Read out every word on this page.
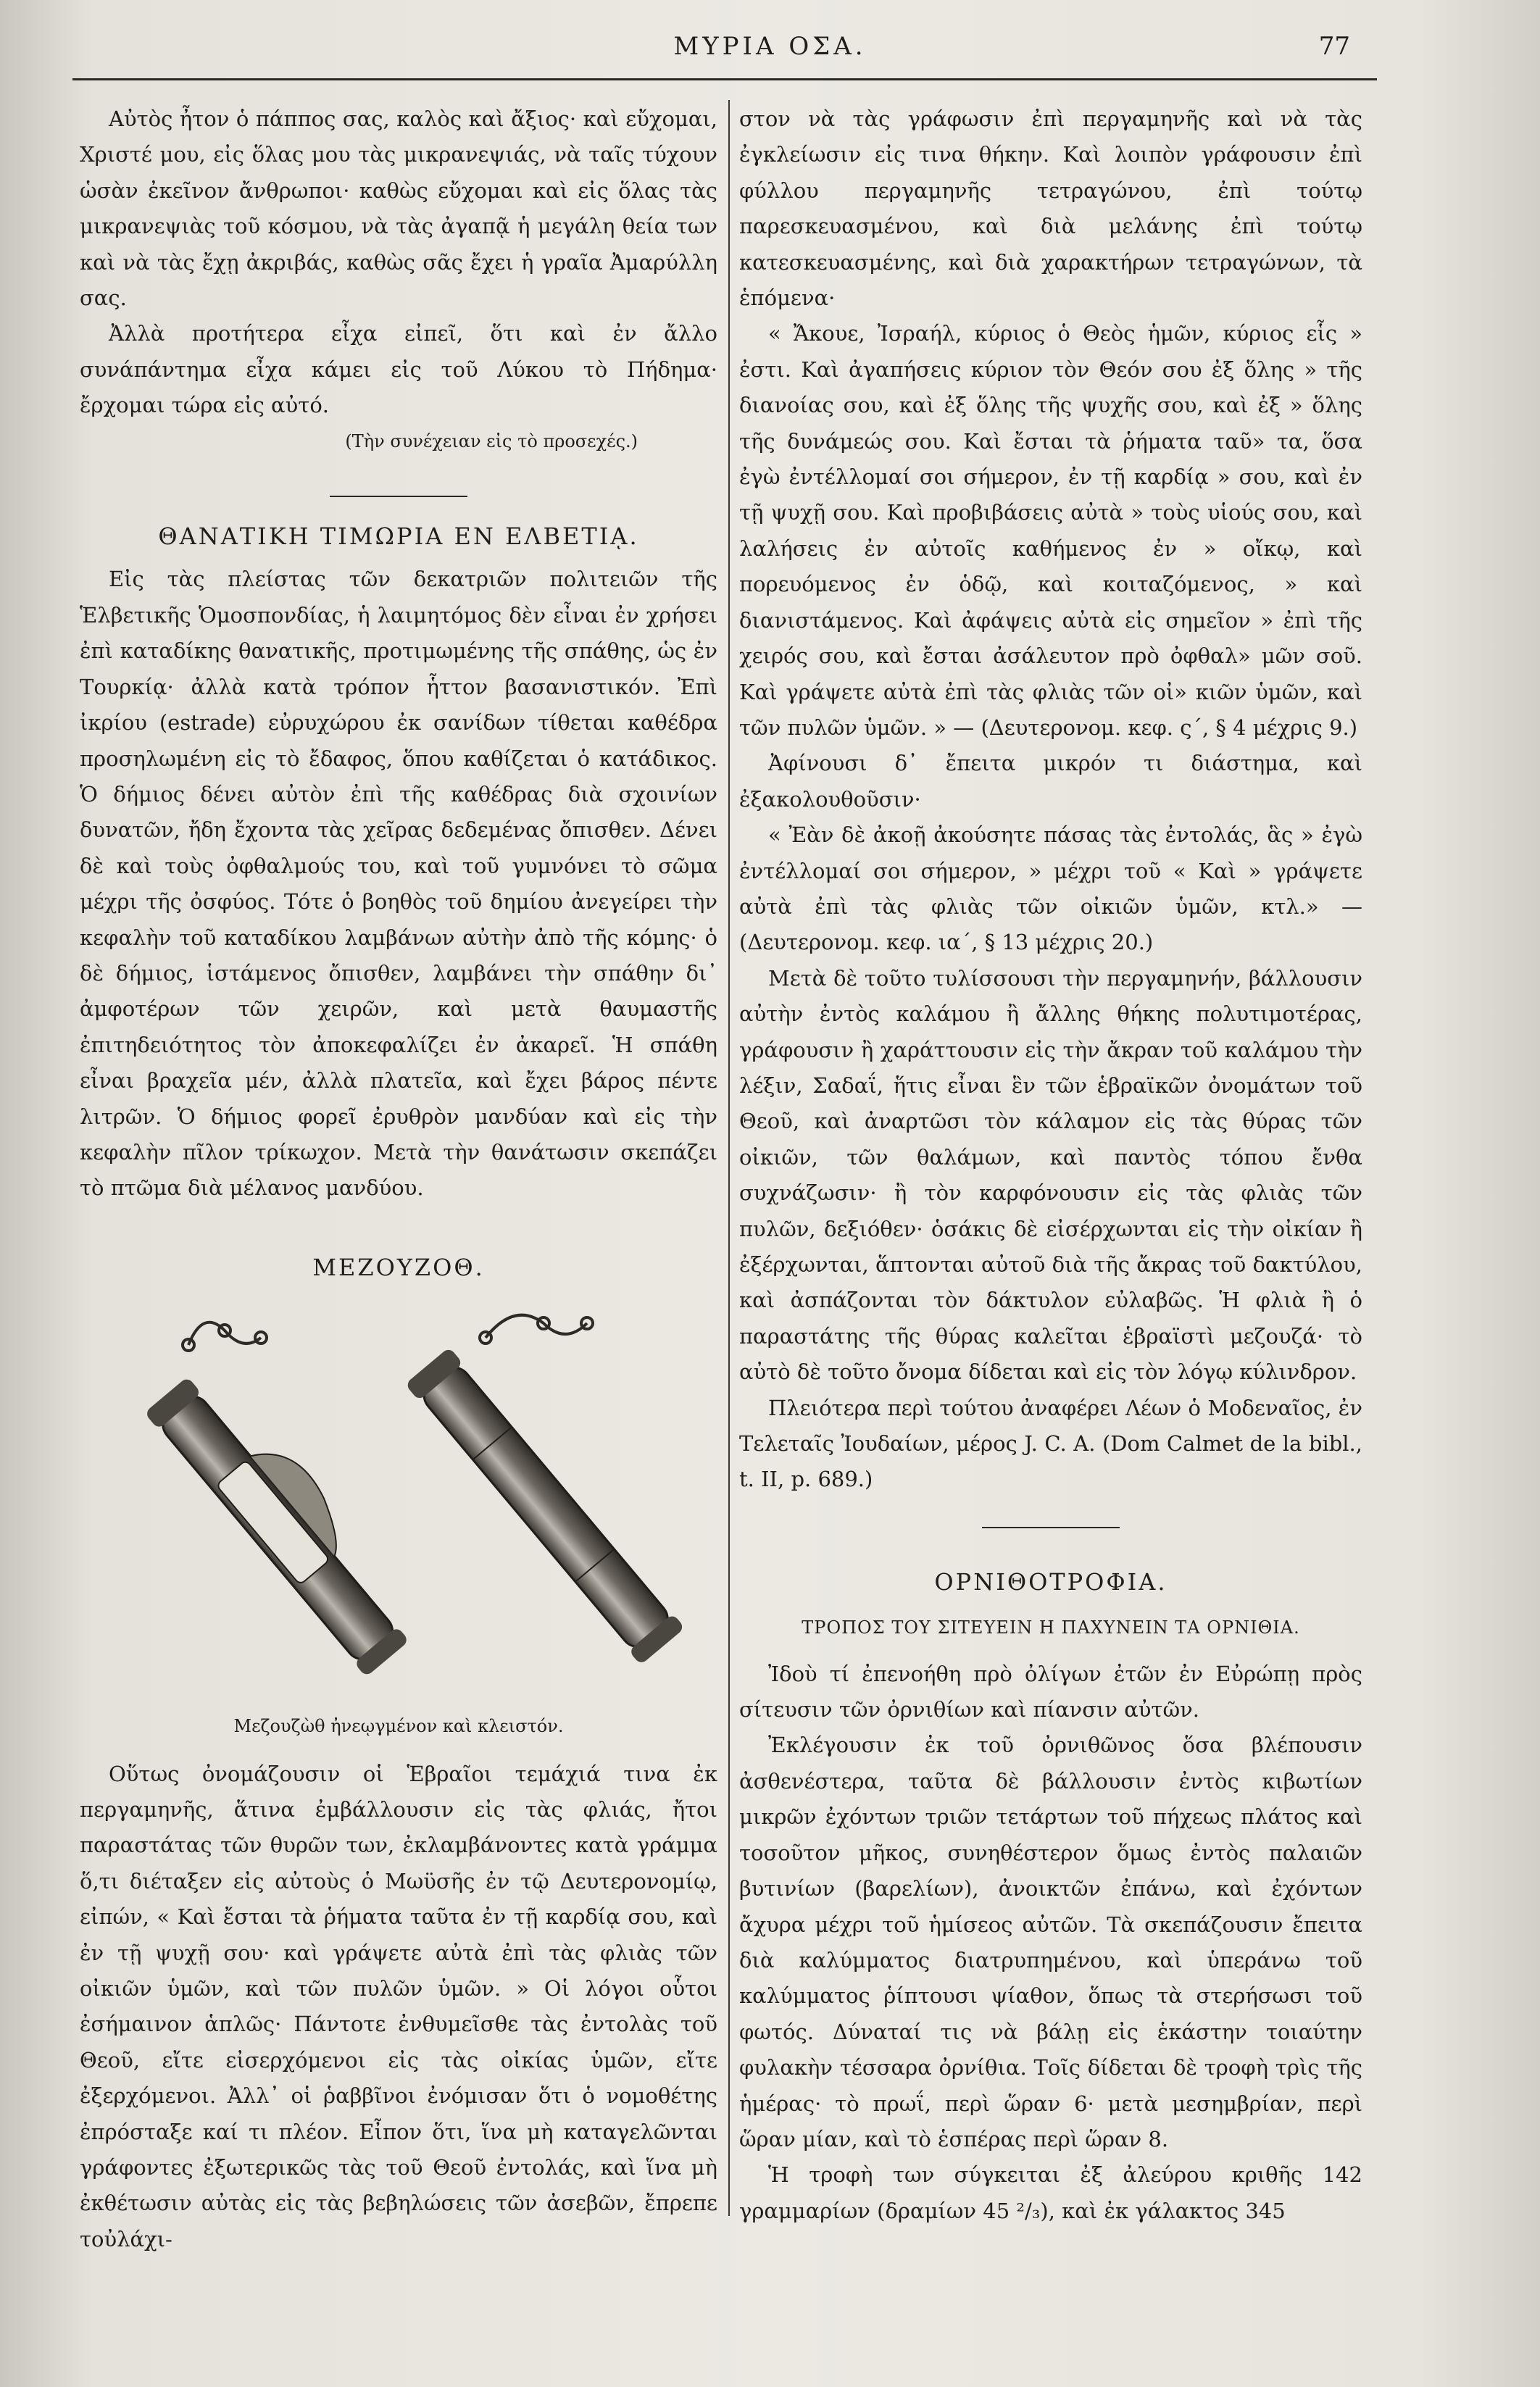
ΜΥΡΙΑ ΟΣΑ.	77

Αὐτὸς ἦτον ὁ πάππος σας, καλὸς καὶ ἄξιος· καὶ εὔχομαι, Χριστέ μου, εἰς ὅλας μου τὰς μικρανεψιάς, νὰ ταῖς τύχουν ὡσὰν ἐκεῖνον ἄνθρωποι· καθὼς εὔχομαι καὶ εἰς ὅλας τὰς μικρανεψιὰς τοῦ κόσμου, νὰ τὰς ἀγαπᾷ ἡ μεγάλη θεία των καὶ νὰ τὰς ἔχῃ ἀκριβάς, καθὼς σᾶς ἔχει ἡ γραῖα Ἀμαρύλλη σας.

Ἀλλὰ προτήτερα εἶχα εἰπεῖ, ὅτι καὶ ἐν ἄλλο συνάπάντημα εἶχα κάμει εἰς τοῦ Λύκου τὸ Πήδημα· ἔρχομαι τώρα εἰς αὐτό.

(Τὴν συνέχειαν εἰς τὸ προσεχές.)

ΘΑΝΑΤΙΚΗ ΤΙΜΩΡΙΑ ΕΝ ΕΛΒΕΤΙᾼ.

Εἰς τὰς πλείστας τῶν δεκατριῶν πολιτειῶν τῆς Ἑλβετικῆς Ὁμοσπονδίας, ἡ λαιμητόμος δὲν εἶναι ἐν χρήσει ἐπὶ καταδίκης θανατικῆς, προτιμωμένης τῆς σπάθης, ὡς ἐν Τουρκίᾳ· ἀλλὰ κατὰ τρόπον ἧττον βασανιστικόν. Ἐπὶ ἰκρίου (estrade) εὐρυχώρου ἐκ σανίδων τίθεται καθέδρα προσηλωμένη εἰς τὸ ἔδαφος, ὅπου καθίζεται ὁ κατάδικος. Ὁ δήμιος δένει αὐτὸν ἐπὶ τῆς καθέδρας διὰ σχοινίων δυνατῶν, ἤδη ἔχοντα τὰς χεῖρας δεδεμένας ὄπισθεν. Δένει δὲ καὶ τοὺς ὀφθαλμούς του, καὶ τοῦ γυμνόνει τὸ σῶμα μέχρι τῆς ὀσφύος. Τότε ὁ βοηθὸς τοῦ δημίου ἀνεγείρει τὴν κεφαλὴν τοῦ καταδίκου λαμβάνων αὐτὴν ἀπὸ τῆς κόμης· ὁ δὲ δήμιος, ἱστάμενος ὄπισθεν, λαμβάνει τὴν σπάθην δι᾽ ἀμφοτέρων τῶν χειρῶν, καὶ μετὰ θαυμαστῆς ἐπιτηδειότητος τὸν ἀποκεφαλίζει ἐν ἀκαρεῖ. Ἡ σπάθη εἶναι βραχεῖα μέν, ἀλλὰ πλατεῖα, καὶ ἔχει βάρος πέντε λιτρῶν. Ὁ δήμιος φορεῖ ἐρυθρὸν μανδύαν καὶ εἰς τὴν κεφαλὴν πῖλον τρίκωχον. Μετὰ τὴν θανάτωσιν σκεπάζει τὸ πτῶμα διὰ μέλανος μανδύου.

ΜΕΖΟΥΖΟΘ.
Μεζουζὼθ ἠνεῳγμένον καὶ κλειστόν.

Οὕτως ὀνομάζουσιν οἱ Ἑβραῖοι τεμάχιά τινα ἐκ περγαμηνῆς, ἅτινα ἐμβάλλουσιν εἰς τὰς φλιάς, ἤτοι παραστάτας τῶν θυρῶν των, ἐκλαμβάνοντες κατὰ γράμμα ὅ,τι διέταξεν εἰς αὐτοὺς ὁ Μωϋσῆς ἐν τῷ Δευτερονομίῳ, εἰπών, « Καὶ ἔσται τὰ ῥήματα ταῦτα ἐν τῇ καρδίᾳ σου, καὶ ἐν τῇ ψυχῇ σου· καὶ γράψετε αὐτὰ ἐπὶ τὰς φλιὰς τῶν οἰκιῶν ὑμῶν, καὶ τῶν πυλῶν ὑμῶν. » Οἱ λόγοι οὗτοι ἐσήμαινον ἁπλῶς· Πάντοτε ἐνθυμεῖσθε τὰς ἐντολὰς τοῦ Θεοῦ, εἴτε εἰσερχόμενοι εἰς τὰς οἰκίας ὑμῶν, εἴτε ἐξερχόμενοι. Ἀλλ᾽ οἱ ῥαββῖνοι ἐνόμισαν ὅτι ὁ νομοθέτης ἐπρόσταξε καί τι πλέον. Εἶπον ὅτι, ἵνα μὴ καταγελῶνται γράφοντες ἐξωτερικῶς τὰς τοῦ Θεοῦ ἐντολάς, καὶ ἵνα μὴ ἐκθέτωσιν αὐτὰς εἰς τὰς βεβηλώσεις τῶν ἀσεβῶν, ἔπρεπε τοὐλάχι-

στον νὰ τὰς γράφωσιν ἐπὶ περγαμηνῆς καὶ νὰ τὰς ἐγκλείωσιν εἰς τινα θήκην. Καὶ λοιπὸν γράφουσιν ἐπὶ φύλλου περγαμηνῆς τετραγώνου, ἐπὶ τούτῳ παρεσκευασμένου, καὶ διὰ μελάνης ἐπὶ τούτῳ κατεσκευασμένης, καὶ διὰ χαρακτήρων τετραγώνων, τὰ ἑπόμενα·

« Ἄκουε, Ἰσραήλ, κύριος ὁ Θεὸς ἡμῶν, κύριος εἷς » ἐστι. Καὶ ἀγαπήσεις κύριον τὸν Θεόν σου ἐξ ὅλης » τῆς διανοίας σου, καὶ ἐξ ὅλης τῆς ψυχῆς σου, καὶ ἐξ » ὅλης τῆς δυνάμεώς σου. Καὶ ἔσται τὰ ῥήματα ταῦ» τα, ὅσα ἐγὼ ἐντέλλομαί σοι σήμερον, ἐν τῇ καρδίᾳ » σου, καὶ ἐν τῇ ψυχῇ σου. Καὶ προβιβάσεις αὐτὰ » τοὺς υἱούς σου, καὶ λαλήσεις ἐν αὐτοῖς καθήμενος ἐν » οἴκῳ, καὶ πορευόμενος ἐν ὁδῷ, καὶ κοιταζόμενος, » καὶ διανιστάμενος. Καὶ ἀφάψεις αὐτὰ εἰς σημεῖον » ἐπὶ τῆς χειρός σου, καὶ ἔσται ἀσάλευτον πρὸ ὀφθαλ» μῶν σοῦ. Καὶ γράψετε αὐτὰ ἐπὶ τὰς φλιὰς τῶν οἰ» κιῶν ὑμῶν, καὶ τῶν πυλῶν ὑμῶν. » — (Δευτερονομ. κεφ. ς΄, § 4 μέχρις 9.)

Ἀφίνουσι δ᾽ ἔπειτα μικρόν τι διάστημα, καὶ ἐξακολουθοῦσιν·

« Ἐὰν δὲ ἀκοῇ ἀκούσητε πάσας τὰς ἐντολάς, ἃς » ἐγὼ ἐντέλλομαί σοι σήμερον, » μέχρι τοῦ « Καὶ » γράψετε αὐτὰ ἐπὶ τὰς φλιὰς τῶν οἰκιῶν ὑμῶν, κτλ.» — (Δευτερονομ. κεφ. ια΄, § 13 μέχρις 20.)

Μετὰ δὲ τοῦτο τυλίσσουσι τὴν περγαμηνήν, βάλλουσιν αὐτὴν ἐντὸς καλάμου ἢ ἄλλης θήκης πολυτιμοτέρας, γράφουσιν ἢ χαράττουσιν εἰς τὴν ἄκραν τοῦ καλάμου τὴν λέξιν, Σαδαΐ, ἥτις εἶναι ἓν τῶν ἑβραϊκῶν ὀνομάτων τοῦ Θεοῦ, καὶ ἀναρτῶσι τὸν κάλαμον εἰς τὰς θύρας τῶν οἰκιῶν, τῶν θαλάμων, καὶ παντὸς τόπου ἔνθα συχνάζωσιν· ἢ τὸν καρφόνουσιν εἰς τὰς φλιὰς τῶν πυλῶν, δεξιόθεν· ὁσάκις δὲ εἰσέρχωνται εἰς τὴν οἰκίαν ἢ ἐξέρχωνται, ἅπτονται αὐτοῦ διὰ τῆς ἄκρας τοῦ δακτύλου, καὶ ἀσπάζονται τὸν δάκτυλον εὐλαβῶς. Ἡ φλιὰ ἢ ὁ παραστάτης τῆς θύρας καλεῖται ἑβραϊστὶ μεζουζά· τὸ αὐτὸ δὲ τοῦτο ὄνομα δίδεται καὶ εἰς τὸν λόγῳ κύλινδρον.

Πλειότερα περὶ τούτου ἀναφέρει Λέων ὁ Μοδεναῖος, ἐν Τελεταῖς Ἰουδαίων, μέρος J. C. A. (Dom Calmet de la bibl., t. II, p. 689.)

ΟΡΝΙΘΟΤΡΟΦΙΑ.
ΤΡΟΠΟΣ ΤΟΥ ΣΙΤΕΥΕΙΝ Η ΠΑΧΥΝΕΙΝ ΤΑ ΟΡΝΙΘΙΑ.

Ἰδοὺ τί ἐπενοήθη πρὸ ὀλίγων ἐτῶν ἐν Εὐρώπῃ πρὸς σίτευσιν τῶν ὀρνιθίων καὶ πίανσιν αὐτῶν.

Ἐκλέγουσιν ἐκ τοῦ ὀρνιθῶνος ὅσα βλέπουσιν ἀσθενέστερα, ταῦτα δὲ βάλλουσιν ἐντὸς κιβωτίων μικρῶν ἐχόντων τριῶν τετάρτων τοῦ πήχεως πλάτος καὶ τοσοῦτον μῆκος, συνηθέστερον ὅμως ἐντὸς παλαιῶν βυτινίων (βαρελίων), ἀνοικτῶν ἐπάνω, καὶ ἐχόντων ἄχυρα μέχρι τοῦ ἡμίσεος αὐτῶν. Τὰ σκεπάζουσιν ἔπειτα διὰ καλύμματος διατρυπημένου, καὶ ὑπεράνω τοῦ καλύμματος ῥίπτουσι ψίαθον, ὅπως τὰ στερήσωσι τοῦ φωτός. Δύναταί τις νὰ βάλῃ εἰς ἑκάστην τοιαύτην φυλακὴν τέσσαρα ὀρνίθια. Τοῖς δίδεται δὲ τροφὴ τρὶς τῆς ἡμέρας· τὸ πρωΐ, περὶ ὥραν 6· μετὰ μεσημβρίαν, περὶ ὥραν μίαν, καὶ τὸ ἑσπέρας περὶ ὥραν 8.

Ἡ τροφὴ των σύγκειται ἐξ ἀλεύρου κριθῆς 142 γραμμαρίων (δραμίων 45 ²/₃), καὶ ἐκ γάλακτος 345
